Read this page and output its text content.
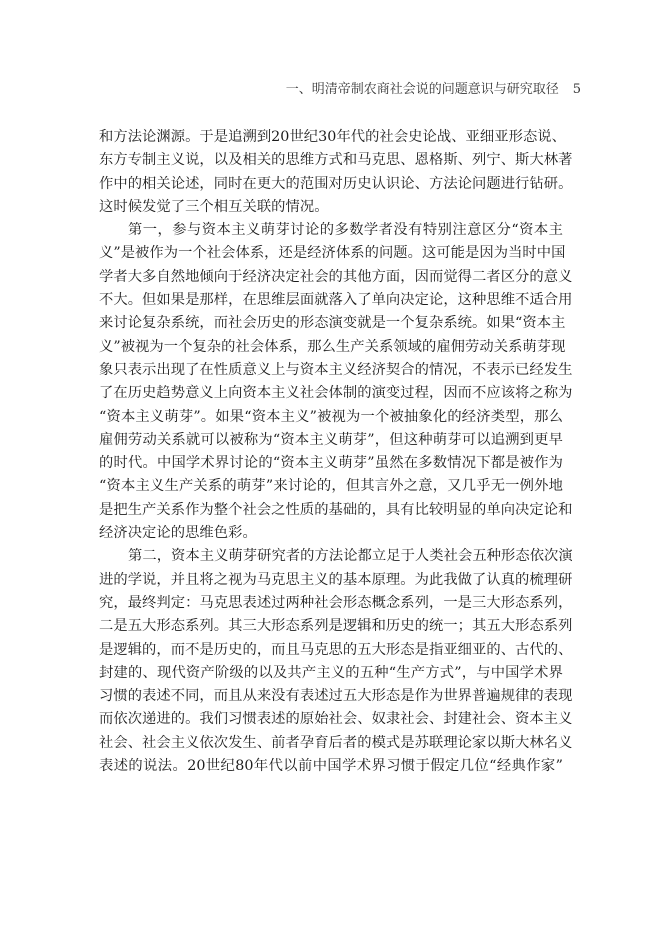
一、明清帝制农商社会说的问题意识与研究取径 5
和方法论渊源。于是追溯到20世纪30年代的社会史论战、亚细亚形态说、
东方专制主义说，以及相关的思维方式和马克思、恩格斯、列宁、斯大林著
作中的相关论述，同时在更大的范围对历史认识论、方法论问题进行钻研。
这时候发觉了三个相互关联的情况。
第一，参与资本主义萌芽讨论的多数学者没有特别注意区分“资本主
义”是被作为一个社会体系，还是经济体系的问题。这可能是因为当时中国
学者大多自然地倾向于经济决定社会的其他方面，因而觉得二者区分的意义
不大。但如果是那样，在思维层面就落入了单向决定论，这种思维不适合用
来讨论复杂系统，而社会历史的形态演变就是一个复杂系统。如果“资本主
义”被视为一个复杂的社会体系，那么生产关系领域的雇佣劳动关系萌芽现
象只表示出现了在性质意义上与资本主义经济契合的情况，不表示已经发生
了在历史趋势意义上向资本主义社会体制的演变过程，因而不应该将之称为
“资本主义萌芽”。如果“资本主义”被视为一个被抽象化的经济类型，那么
雇佣劳动关系就可以被称为“资本主义萌芽”，但这种萌芽可以追溯到更早
的时代。中国学术界讨论的“资本主义萌芽”虽然在多数情况下都是被作为
“资本主义生产关系的萌芽”来讨论的，但其言外之意，又几乎无一例外地
是把生产关系作为整个社会之性质的基础的，具有比较明显的单向决定论和
经济决定论的思维色彩。
第二，资本主义萌芽研究者的方法论都立足于人类社会五种形态依次演
进的学说，并且将之视为马克思主义的基本原理。为此我做了认真的梳理研
究，最终判定：马克思表述过两种社会形态概念系列，一是三大形态系列，
二是五大形态系列。其三大形态系列是逻辑和历史的统一；其五大形态系列
是逻辑的，而不是历史的，而且马克思的五大形态是指亚细亚的、古代的、
封建的、现代资产阶级的以及共产主义的五种“生产方式”，与中国学术界
习惯的表述不同，而且从来没有表述过五大形态是作为世界普遍规律的表现
而依次递进的。我们习惯表述的原始社会、奴隶社会、封建社会、资本主义
社会、社会主义依次发生、前者孕育后者的模式是苏联理论家以斯大林名义
表述的说法。20世纪80年代以前中国学术界习惯于假定几位“经典作家”
